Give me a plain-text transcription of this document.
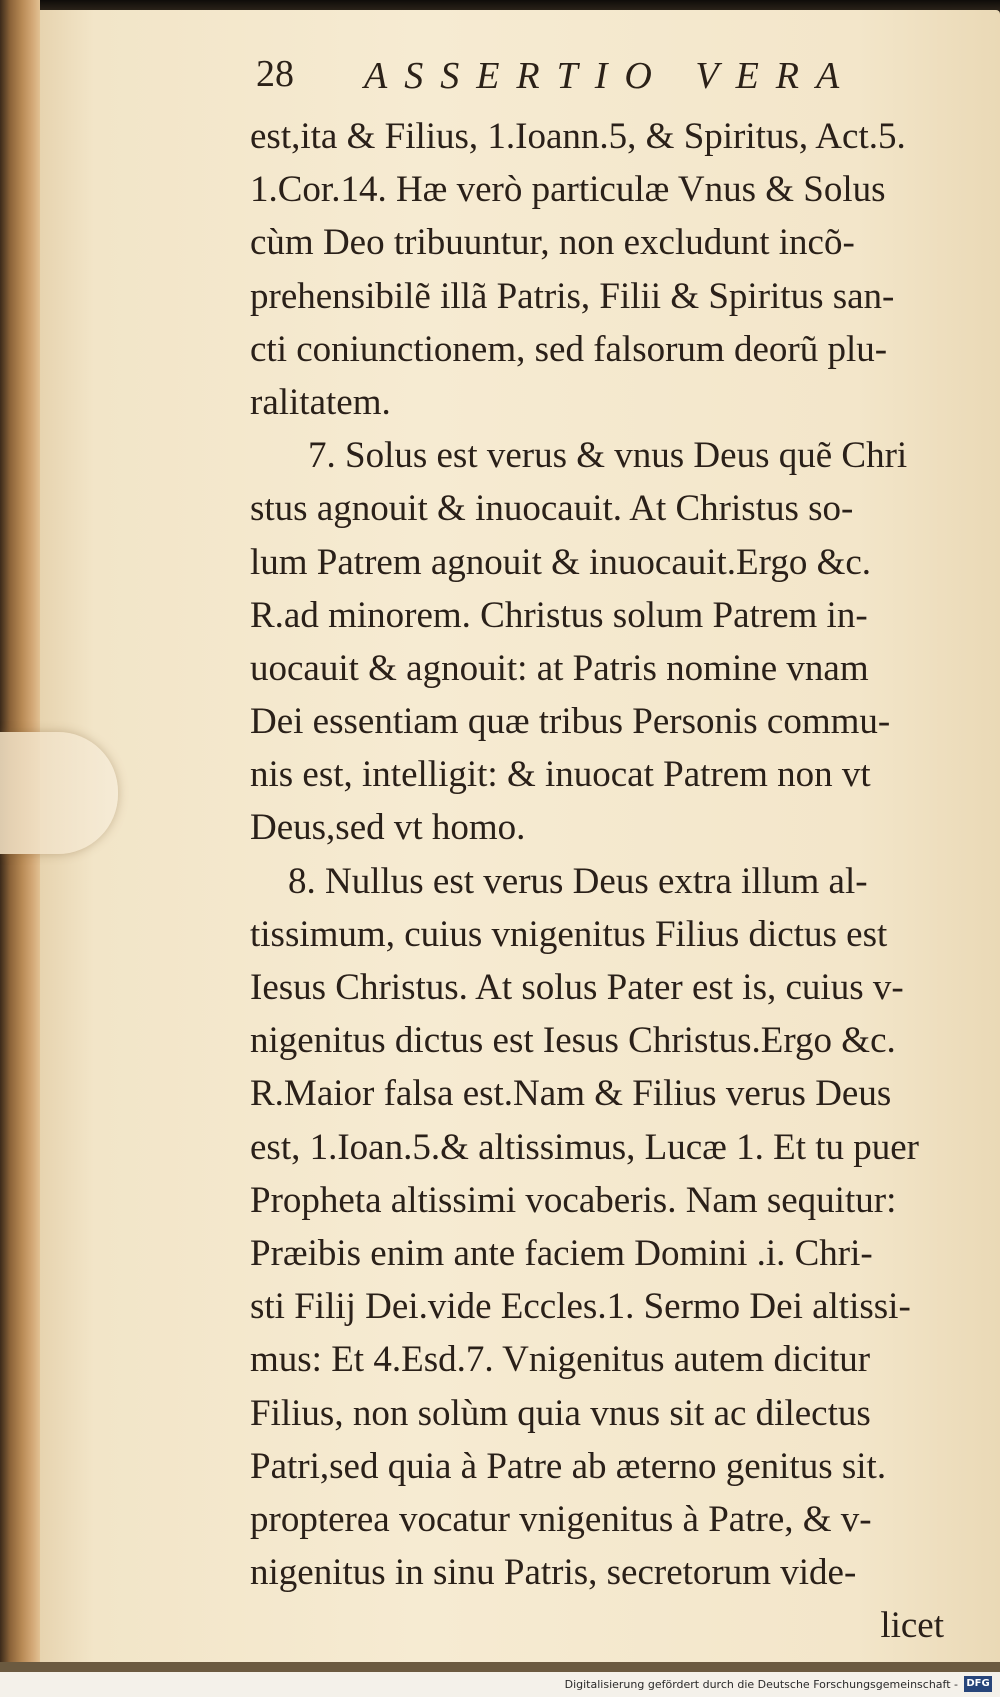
28 ASSERTIO VERA
est,ita & Filius, 1.Ioann.5, & Spiritus, Act.5.
1.Cor.14. Hæ verò particulæ Vnus & Solus
cùm Deo tribuuntur, non excludunt incõ-
prehensibilẽ illã Patris, Filii & Spiritus san-
cti coniunctionem, sed falsorum deorũ plu-
ralitatem.
7. Solus est verus & vnus Deus quẽ Chri
stus agnouit & inuocauit. At Christus so-
lum Patrem agnouit & inuocauit.Ergo &c.
R.ad minorem. Christus solum Patrem in-
uocauit & agnouit: at Patris nomine vnam
Dei essentiam quæ tribus Personis commu-
nis est, intelligit: & inuocat Patrem non vt
Deus,sed vt homo.
8. Nullus est verus Deus extra illum al-
tissimum, cuius vnigenitus Filius dictus est
Iesus Christus. At solus Pater est is, cuius v-
nigenitus dictus est Iesus Christus.Ergo &c.
R.Maior falsa est.Nam & Filius verus Deus
est, 1.Ioan.5.& altissimus, Lucæ 1. Et tu puer
Propheta altissimi vocaberis. Nam sequitur:
Præibis enim ante faciem Domini .i. Chri-
sti Filij Dei.vide Eccles.1. Sermo Dei altissi-
mus: Et 4.Esd.7. Vnigenitus autem dicitur
Filius, non solùm quia vnus sit ac dilectus
Patri,sed quia à Patre ab æterno genitus sit.
propterea vocatur vnigenitus à Patre, & v-
nigenitus in sinu Patris, secretorum vide-
licet
Digitalisierung gefördert durch die Deutsche Forschungsgemeinschaft - DFG
